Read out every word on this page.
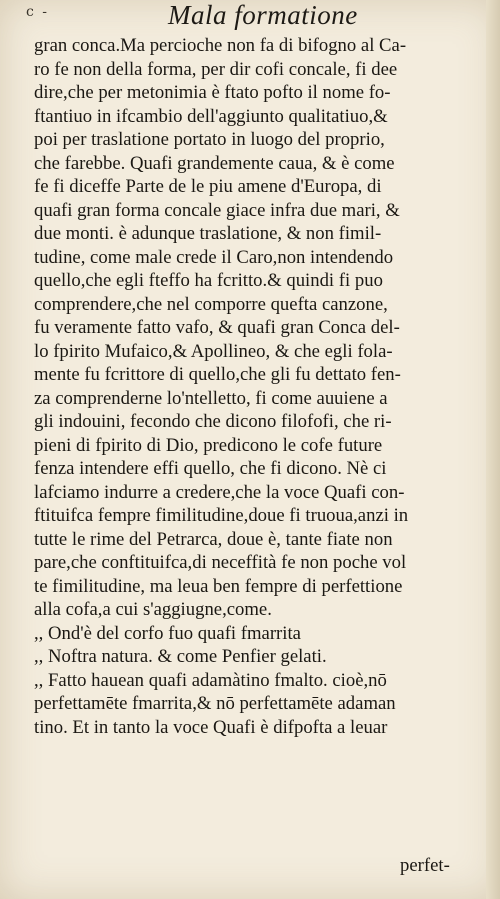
c -	Mala formatione
gran conca.Ma percioche non fa di bifogno al Ca-
ro fe non della forma, per dir cofi concale, fi dee
dire,che per metonimia è ftato pofto il nome fo-
ftantiuo in ifcambio dell'aggiunto qualitatiuo,&
poi per traslatione portato in luogo del proprio,
che farebbe. Quafi grandemente caua, & è come
fe fi diceffe Parte de le piu amene d'Europa, di
quafi gran forma concale giace infra due mari, &
due monti. è adunque traslatione, & non fimil-
tudine, come male crede il Caro,non intendendo
quello,che egli fteffo ha fcritto.& quindi fi puo
comprendere,che nel comporre quefta canzone,
fu veramente fatto vafo, & quafi gran Conca del-
lo fpirito Mufaico,& Apollineo, & che egli fola-
mente fu fcrittore di quello,che gli fu dettato fen-
za comprenderne lo'ntelletto, fi come auuiene a
gli indouini, fecondo che dicono filofofi, che ri-
pieni di fpirito di Dio, predicono le cofe future
fenza intendere effi quello, che fi dicono. Nè ci
lafciamo indurre a credere,che la voce Quafi con-
ftituifca fempre fimilitudine,doue fi truoua,anzi in
tutte le rime del Petrarca, doue è, tante fiate non
pare,che conftituifca,di neceffità fe non poche vol
te fimilitudine, ma leua ben fempre di perfettione
alla cofa,a cui s'aggiugne,come.
,, Ond'è del corfo fuo quafi fmarrita
,, Noftra natura. & come Penfier gelati.
,, Fatto hauean quafi adamàtino fmalto. cioè,nō
perfettamēte fmarrita,& nō perfettamēte adaman
tino. Et in tanto la voce Quafi è difpofta a leuar
perfet-
